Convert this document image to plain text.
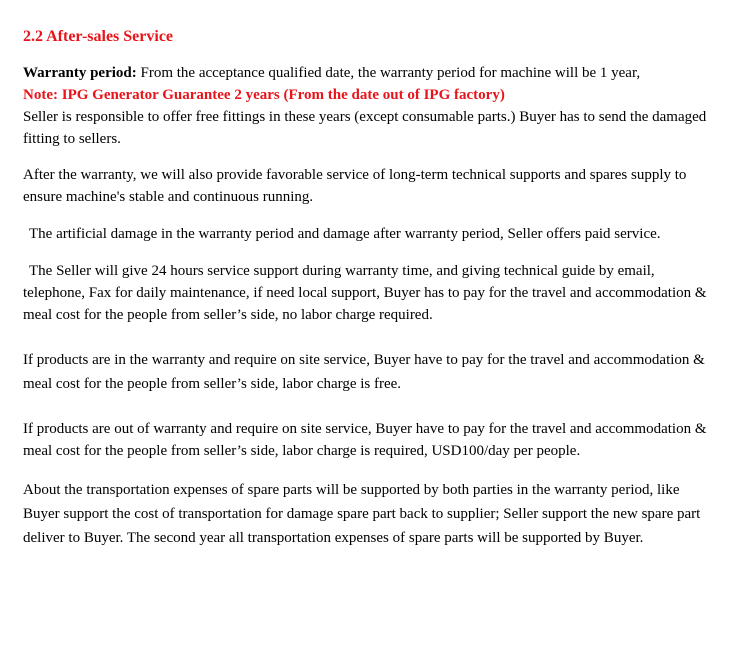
2.2 After-sales Service

Warranty period: From the acceptance qualified date, the warranty period for machine will be 1 year,
Note: IPG Generator Guarantee 2 years (From the date out of IPG factory)
Seller is responsible to offer free fittings in these years (except consumable parts.) Buyer has to send the damaged fitting to sellers.

After the warranty, we will also provide favorable service of long-term technical supports and spares supply to ensure machine's stable and continuous running.

The artificial damage in the warranty period and damage after warranty period, Seller offers paid service.

The Seller will give 24 hours service support during warranty time, and giving technical guide by email, telephone, Fax for daily maintenance, if need local support, Buyer has to pay for the travel and accommodation & meal cost for the people from seller’s side, no labor charge required.

If products are in the warranty and require on site service, Buyer have to pay for the travel and accommodation & meal cost for the people from seller’s side, labor charge is free.

If products are out of warranty and require on site service, Buyer have to pay for the travel and accommodation & meal cost for the people from seller’s side, labor charge is required, USD100/day per people.

About the transportation expenses of spare parts will be supported by both parties in the warranty period, like Buyer support the cost of transportation for damage spare part back to supplier; Seller support the new spare part deliver to Buyer. The second year all transportation expenses of spare parts will be supported by Buyer.
